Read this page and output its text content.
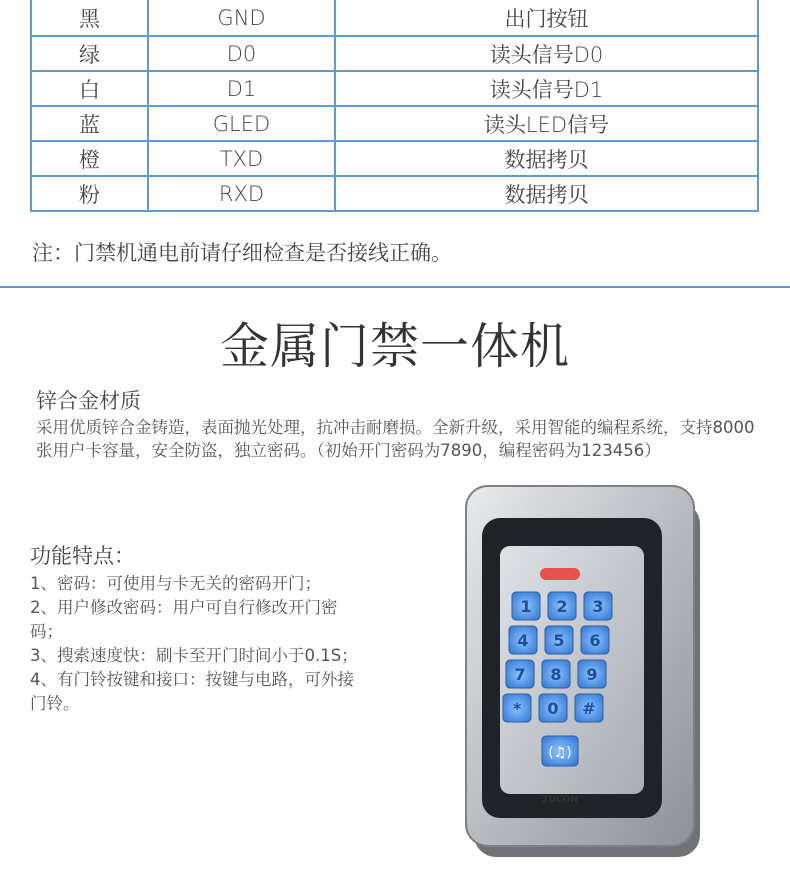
黑	GND	出门按钮
绿	D0	读头信号D0
白	D1	读头信号D1
蓝	GLED	读头LED信号
橙	TXD	数据拷贝
粉	RXD	数据拷贝
注：门禁机通电前请仔细检查是否接线正确。
金属门禁一体机
锌合金材质
采用优质锌合金铸造，表面抛光处理，抗冲击耐磨损。全新升级，采用智能的编程系统，支持8000张用户卡容量，安全防盗，独立密码。（初始开门密码为7890，编程密码为123456）
功能特点：
1、密码：可使用与卡无关的密码开门；
2、用户修改密码：用户可自行修改开门密码；
3、搜索速度快：刷卡至开门时间小于0.1S；
4、有门铃按键和接口：按键与电路，可外接门铃。
1 2 3
4 5 6
7 8 9
* 0 #
(♫)
ZUCON
